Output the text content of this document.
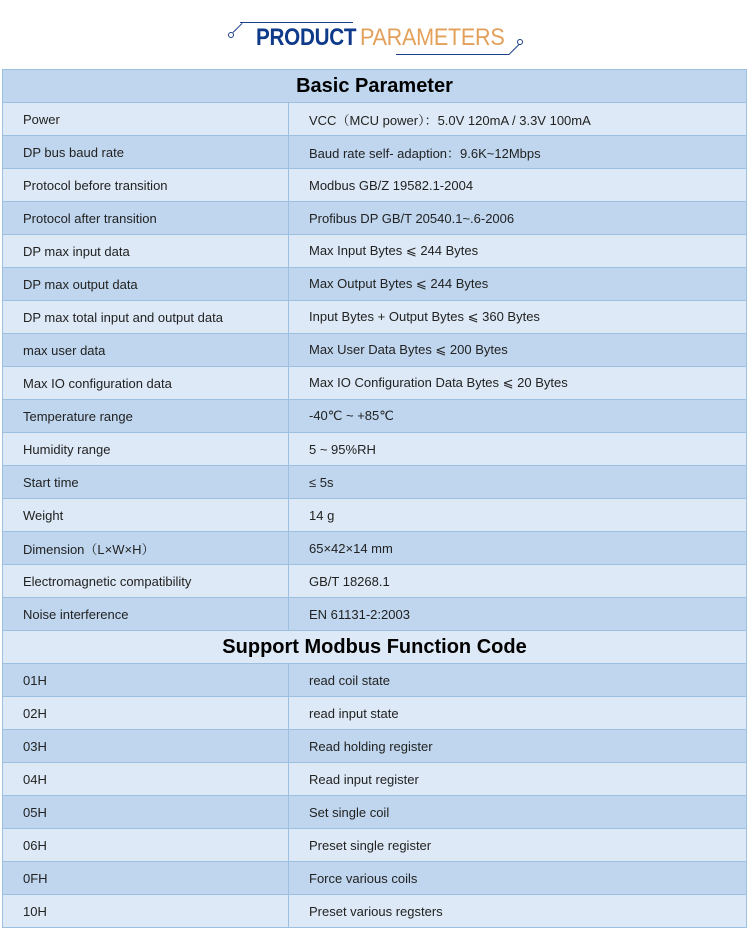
PRODUCT PARAMETERS
Basic Parameter	
Power	VCC（MCU power）：5.0V 120mA / 3.3V 100mA
DP bus baud rate	Baud rate self- adaption：9.6K~12Mbps
Protocol before transition	Modbus GB/Z 19582.1-2004
Protocol after transition	Profibus DP GB/T 20540.1~.6-2006
DP max input data	Max Input Bytes ⩽ 244 Bytes
DP max output data	Max Output Bytes ⩽ 244 Bytes
DP max total input and output data	Input Bytes + Output Bytes ⩽ 360 Bytes
max user data	Max User Data Bytes ⩽ 200 Bytes
Max IO configuration data	Max IO Configuration Data Bytes ⩽ 20 Bytes
Temperature range	-40℃ ~ +85℃
Humidity range	5 ~ 95%RH
Start time	≤ 5s
Weight	14 g
Dimension（L×W×H）	65×42×14 mm
Electromagnetic compatibility	GB/T 18268.1
Noise interference	EN 61131-2:2003
Support Modbus Function Code	
01H	read coil state
02H	read input state
03H	Read holding register
04H	Read input register
05H	Set single coil
06H	Preset single register
0FH	Force various coils
10H	Preset various regsters
